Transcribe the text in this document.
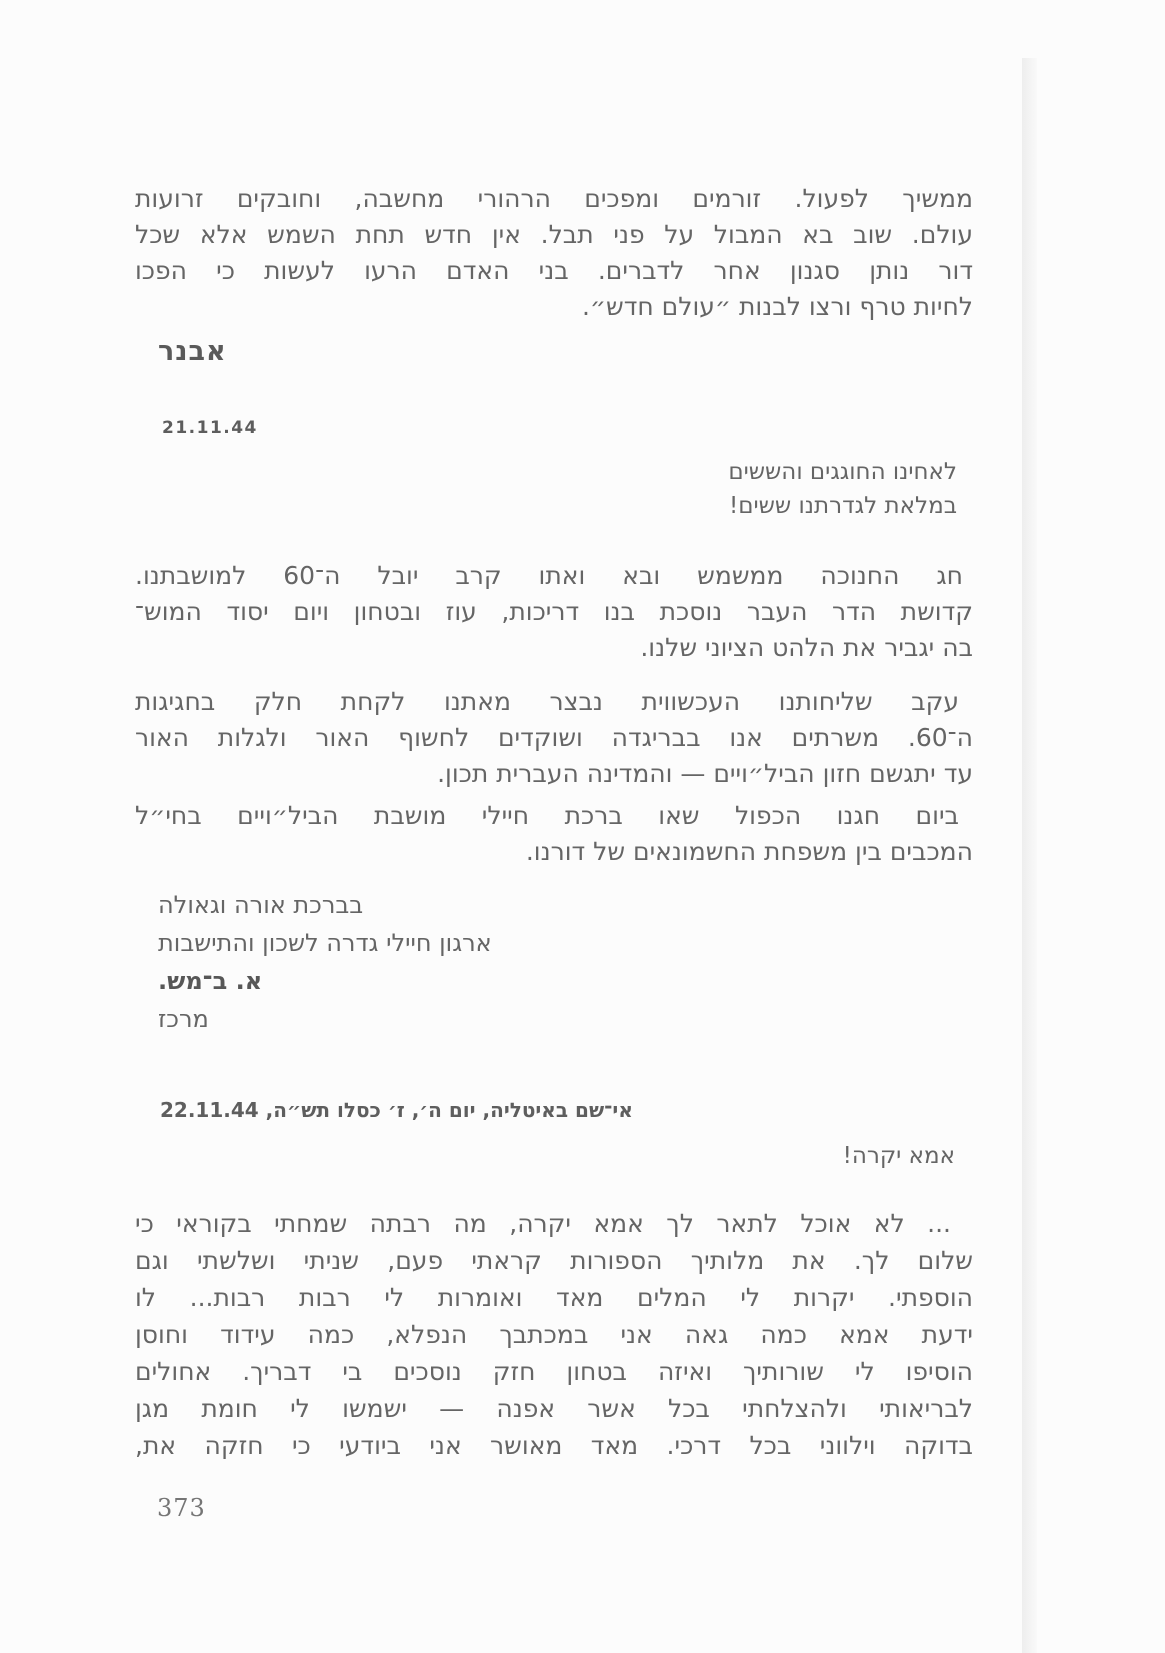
ממשיך לפעול. זורמים ומפכים הרהורי מחשבה, וחובקים זרועות
עולם. שוב בא המבול על פני תבל. אין חדש תחת השמש אלא שכל
דור נותן סגנון אחר לדברים. בני האדם הרעו לעשות כי הפכו
לחיות טרף ורצו לבנות ״עולם חדש״.
אבנר
21.11.44
לאחינו החוגגים והששים
במלאת לגדרתנו ששים!
חג החנוכה ממשמש ובא ואתו קרב יובל ה־60 למושבתנו.
קדושת הדר העבר נוסכת בנו דריכות, עוז ובטחון ויום יסוד המוש־
בה יגביר את הלהט הציוני שלנו.
עקב שליחותנו העכשווית נבצר מאתנו לקחת חלק בחגיגות
ה־60. משרתים אנו בבריגדה ושוקדים לחשוף האור ולגלות האור
עד יתגשם חזון הביל״ויים — והמדינה העברית תכון.
ביום חגנו הכפול שאו ברכת חיילי מושבת הביל״ויים בחי״ל
המכבים בין משפחת החשמונאים של דורנו.
בברכת אורה וגאולה
ארגון חיילי גדרה לשכון והתישבות
א. ב־מש.
מרכז
אי־שם באיטליה, יום ה׳, ז׳ כסלו תש״ה, 22.11.44
אמא יקרה!
... לא אוכל לתאר לך אמא יקרה, מה רבתה שמחתי בקוראי כי
שלום לך. את מלותיך הספורות קראתי פעם, שניתי ושלשתי וגם
הוספתי. יקרות לי המלים מאד ואומרות לי רבות רבות... לו
ידעת אמא כמה גאה אני במכתבך הנפלא, כמה עידוד וחוסן
הוסיפו לי שורותיך ואיזה בטחון חזק נוסכים בי דבריך. אחולים
לבריאותי ולהצלחתי בכל אשר אפנה — ישמשו לי חומת מגן
בדוקה וילווני בכל דרכי. מאד מאושר אני ביודעי כי חזקה את,
373
